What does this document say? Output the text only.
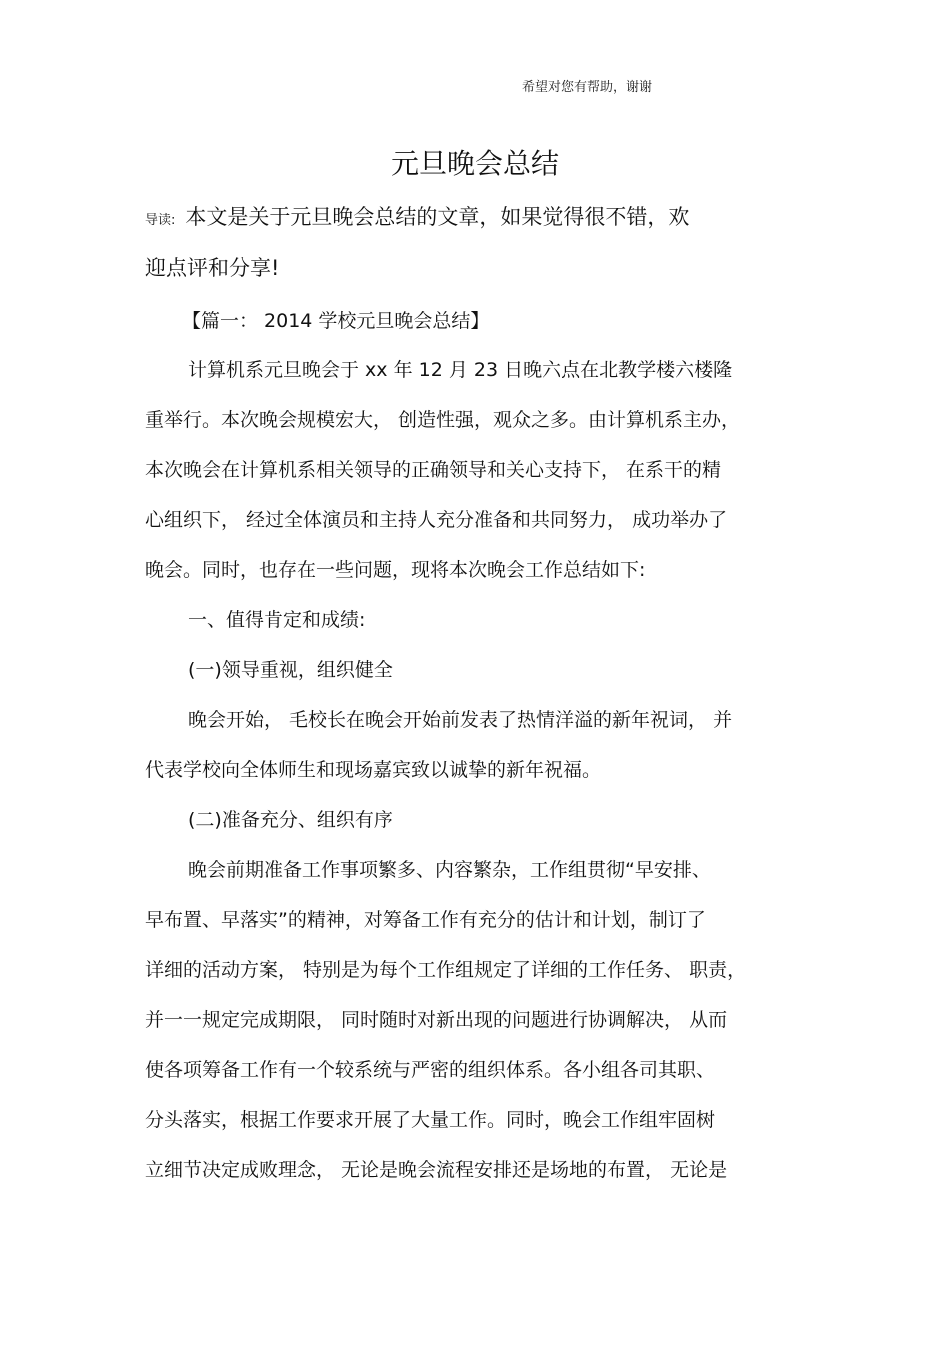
希望对您有帮助，谢谢
元旦晚会总结
导读: 本文是关于元旦晚会总结的文章，如果觉得很不错，欢
迎点评和分享!
【篇一： 2014 学校元旦晚会总结】
计算机系元旦晚会于 xx 年 12 月 23 日晚六点在北教学楼六楼隆
重举行。本次晚会规模宏大， 创造性强，观众之多。由计算机系主办，
本次晚会在计算机系相关领导的正确领导和关心支持下， 在系干的精
心组织下， 经过全体演员和主持人充分准备和共同努力， 成功举办了
晚会。同时，也存在一些问题，现将本次晚会工作总结如下:
一、值得肯定和成绩:
(一)领导重视，组织健全
晚会开始， 毛校长在晚会开始前发表了热情洋溢的新年祝词， 并
代表学校向全体师生和现场嘉宾致以诚挚的新年祝福。
(二)准备充分、组织有序
晚会前期准备工作事项繁多、内容繁杂，工作组贯彻“早安排、
早布置、早落实”的精神，对筹备工作有充分的估计和计划，制订了
详细的活动方案， 特别是为每个工作组规定了详细的工作任务、 职责，
并一一规定完成期限， 同时随时对新出现的问题进行协调解决， 从而
使各项筹备工作有一个较系统与严密的组织体系。各小组各司其职、
分头落实，根据工作要求开展了大量工作。同时，晚会工作组牢固树
立细节决定成败理念， 无论是晚会流程安排还是场地的布置， 无论是
